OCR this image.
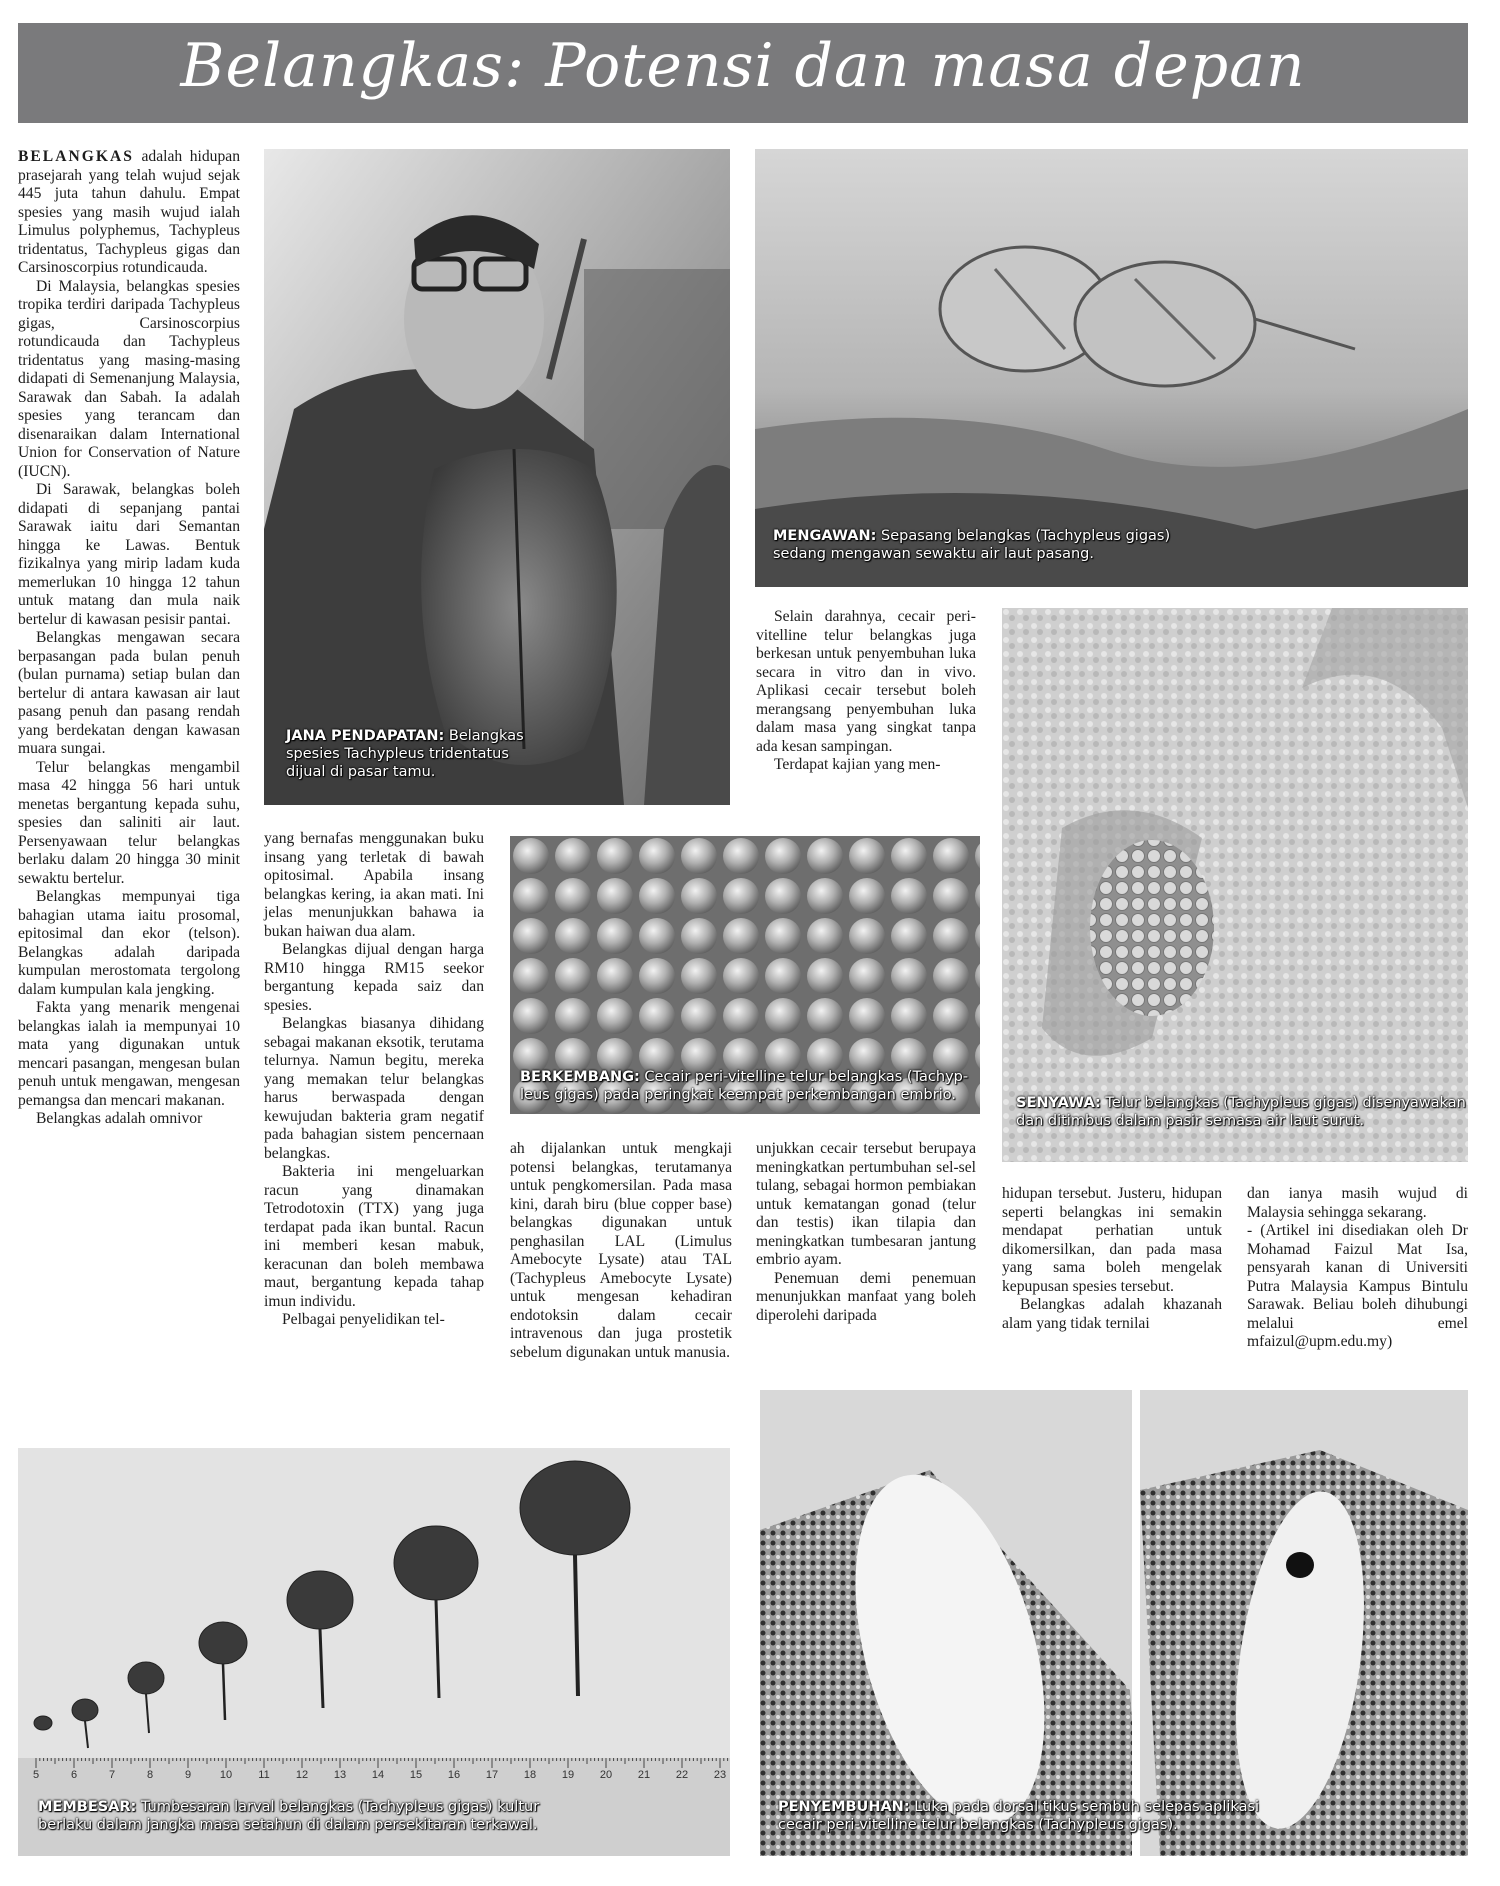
Belangkas: Potensi dan masa depan

BELANGKAS adalah hidupan prasejarah yang telah wujud sejak 445 juta tahun dahulu. Empat spesies yang masih wujud ialah Limulus polyphemus, Tachypleus tridentatus, Tachypleus gigas dan Carsinoscorpius rotundicauda.

Di Malaysia, belangkas spesies tropika terdiri daripada Tachypleus gigas, Carsinoscorpius rotundicauda dan Tachypleus tridentatus yang masing-masing didapati di Semenanjung Malaysia, Sarawak dan Sabah. Ia adalah spesies yang terancam dan disenaraikan dalam International Union for Conservation of Nature (IUCN).

Di Sarawak, belangkas boleh didapati di sepanjang pantai Sarawak iaitu dari Semantan hingga ke Lawas. Bentuk fizikalnya yang mirip ladam kuda memerlukan 10 hingga 12 tahun untuk matang dan mula naik bertelur di kawasan pesisir pantai.

Belangkas mengawan secara berpasangan pada bulan penuh (bulan purnama) setiap bulan dan bertelur di antara kawasan air laut pasang penuh dan pasang rendah yang berdekatan dengan kawasan muara sungai.

Telur belangkas mengambil masa 42 hingga 56 hari untuk menetas bergantung kepada suhu, spesies dan saliniti air laut. Persenyawaan telur belangkas berlaku dalam 20 hingga 30 minit sewaktu bertelur.

Belangkas mempunyai tiga bahagian utama iaitu prosomal, epitosimal dan ekor (telson). Belangkas adalah daripada kumpulan merostomata tergolong dalam kumpulan kala jengking.

Fakta yang menarik mengenai belangkas ialah ia mempunyai 10 mata yang digunakan untuk mencari pasangan, mengesan bulan penuh untuk mengawan, mengesan pemangsa dan mencari makanan.

Belangkas adalah omnivor

JANA PENDAPATAN: Belangkas
spesies Tachypleus tridentatus
dijual di pasar tamu.
MENGAWAN: Sepasang belangkas (Tachypleus gigas)
sedang mengawan sewaktu air laut pasang.

Selain darahnya, cecair peri-vitelline telur belangkas juga berkesan untuk penyembuhan luka secara in vitro dan in vivo. Aplikasi cecair tersebut boleh merangsang penyembuhan luka dalam masa yang singkat tanpa ada kesan sampingan.

Terdapat kajian yang men-

SENYAWA: Telur belangkas (Tachypleus gigas) disenyawakan
dan ditimbus dalam pasir semasa air laut surut.

yang bernafas menggunakan buku insang yang terletak di bawah opitosimal. Apabila insang belangkas kering, ia akan mati. Ini jelas menunjukkan bahawa ia bukan haiwan dua alam.

Belangkas dijual dengan harga RM10 hingga RM15 seekor bergantung kepada saiz dan spesies.

Belangkas biasanya dihidang sebagai makanan eksotik, terutama telurnya. Namun begitu, mereka yang memakan telur belangkas harus berwaspada dengan kewujudan bakteria gram negatif pada bahagian sistem pencernaan belangkas.

Bakteria ini mengeluarkan racun yang dinamakan Tetrodotoxin (TTX) yang juga terdapat pada ikan buntal. Racun ini memberi kesan mabuk, keracunan dan boleh membawa maut, bergantung kepada tahap imun individu.

Pelbagai penyelidikan tel-

BERKEMBANG: Cecair peri-vitelline telur belangkas (Tachyp-
leus gigas) pada peringkat keempat perkembangan embrio.

ah dijalankan untuk mengkaji potensi belangkas, terutamanya untuk pengkomersilan. Pada masa kini, darah biru (blue copper base) belangkas digunakan untuk penghasilan LAL (Limulus Amebocyte Lysate) atau TAL (Tachypleus Amebocyte Lysate) untuk mengesan kehadiran endotoksin dalam cecair intravenous dan juga prostetik sebelum digunakan untuk manusia.

unjukkan cecair tersebut berupaya meningkatkan pertumbuhan sel-sel tulang, sebagai hormon pembiakan untuk kematangan gonad (telur dan testis) ikan tilapia dan meningkatkan tumbesaran jantung embrio ayam.

Penemuan demi penemuan menunjukkan manfaat yang boleh diperolehi daripada

hidupan tersebut. Justeru, hidupan seperti belangkas ini semakin mendapat perhatian untuk dikomersilkan, dan pada masa yang sama boleh mengelak kepupusan spesies tersebut.

Belangkas adalah khazanah alam yang tidak ternilai

dan ianya masih wujud di Malaysia sehingga sekarang.

- (Artikel ini disediakan oleh Dr Mohamad Faizul Mat Isa, pensyarah kanan di Universiti Putra Malaysia Kampus Bintulu Sarawak. Beliau boleh dihubungi melalui emel mfaizul@upm.edu.my)

5	6	7	8	9	10 11 12 13 14 15 16 17 18 19 20 21 22 23
MEMBESAR: Tumbesaran larval belangkas (Tachypleus gigas) kultur
berlaku dalam jangka masa setahun di dalam persekitaran terkawal.
PENYEMBUHAN: Luka pada dorsal tikus sembuh selepas aplikasi
cecair peri-vitelline telur belangkas (Tachypleus gigas).
